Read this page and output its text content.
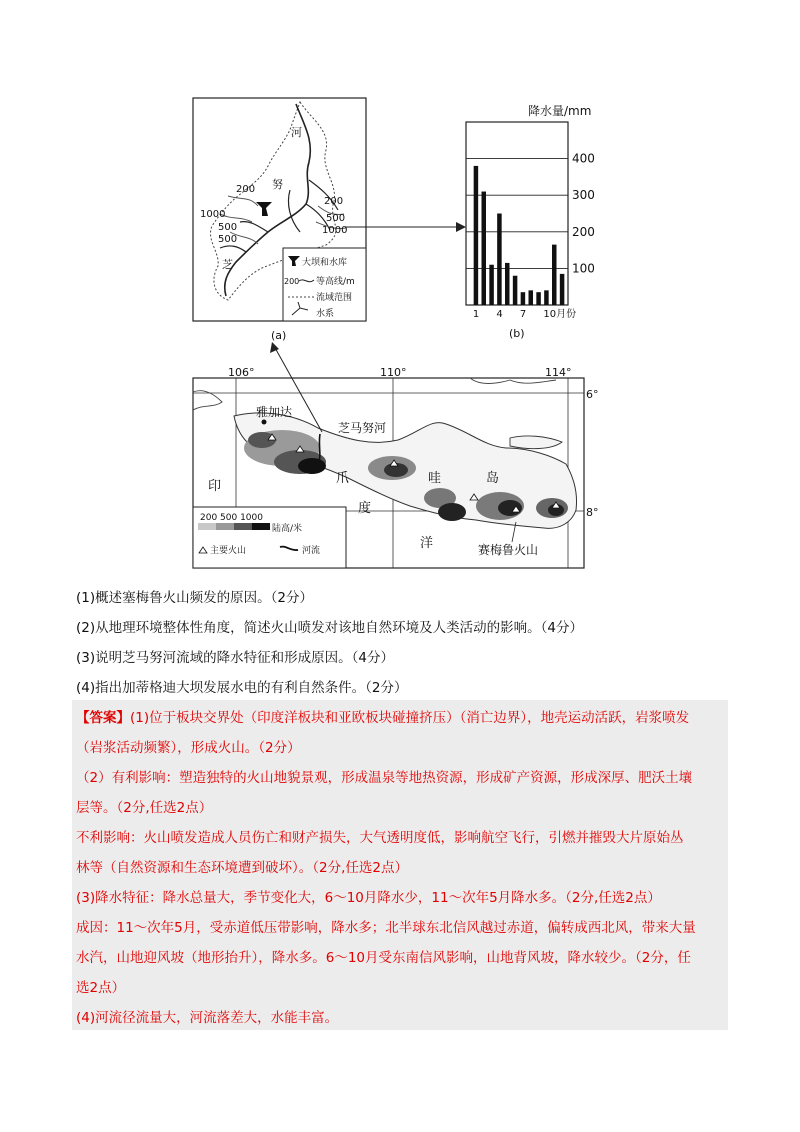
河
努
芝
200
1000
500
500
200
500
1000
大坝和水库
200 等高线/m
流域范围
水系
(a)
100
200
300
400
1 4 7 10月份
降水量/mm
(b)
106°	110°	114°
6°
8°
雅加达
芝马努河
爪	哇	岛
印
度
洋	赛梅鲁火山
200 500 1000
陆高/米
主要火山	河流
(1)概述塞梅鲁火山频发的原因。（2分）
(2)从地理环境整体性角度，简述火山喷发对该地自然环境及人类活动的影响。（4分）
(3)说明芝马努河流域的降水特征和形成原因。（4分）
(4)指出加蒂格迪大坝发展水电的有利自然条件。（2分）
【答案】(1)位于板块交界处（印度洋板块和亚欧板块碰撞挤压）（消亡边界），地壳运动活跃，岩浆喷发
（岩浆活动频繁），形成火山。（2分）
（2）有利影响：塑造独特的火山地貌景观，形成温泉等地热资源，形成矿产资源，形成深厚、肥沃土壤
层等。（2分,任选2点）
不利影响：火山喷发造成人员伤亡和财产损失，大气透明度低，影响航空飞行，引燃并摧毁大片原始丛
林等（自然资源和生态环境遭到破坏）。（2分,任选2点）
(3)降水特征：降水总量大，季节变化大，6～10月降水少，11～次年5月降水多。（2分,任选2点）
成因：11～次年5月，受赤道低压带影响，降水多；北半球东北信风越过赤道，偏转成西北风，带来大量
水汽，山地迎风坡（地形抬升），降水多。6～10月受东南信风影响，山地背风坡，降水较少。（2分，任
选2点）
(4)河流径流量大，河流落差大，水能丰富。
